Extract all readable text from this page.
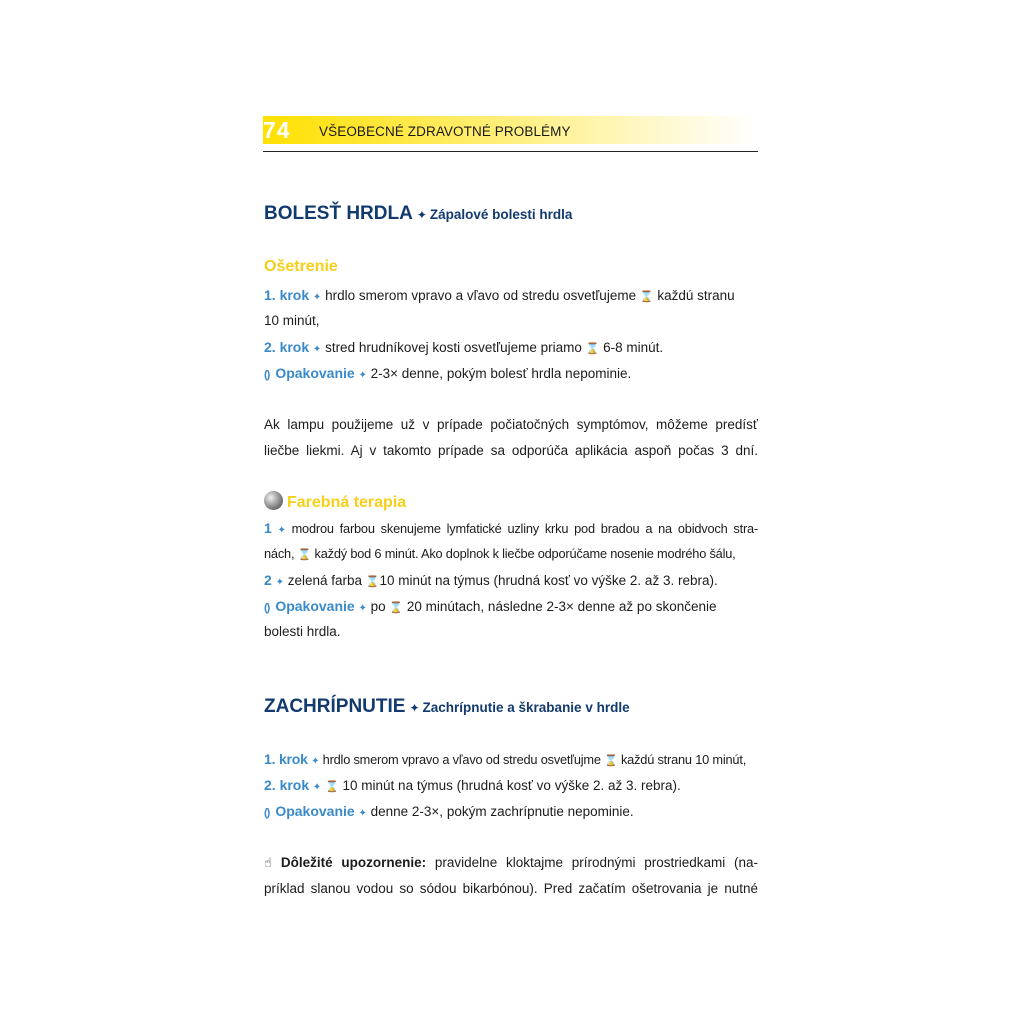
74 VŠEOBECNÉ ZDRAVOTNÉ PROBLÉMY
BOLESŤ HRDLA ✦ Zápalové bolesti hrdla
Ošetrenie
1. krok ✦ hrdlo smerom vpravo a vľavo od stredu osvetľujeme ⌛ každú stranu
10 minút,
2. krok ✦ stred hrudníkovej kosti osvetľujeme priamo ⌛ 6-8 minút.
() Opakovanie ✦ 2-3× denne, pokým bolesť hrdla nepominie.
Ak lampu použijeme už v prípade počiatočných symptómov, môžeme predísť
liečbe liekmi. Aj v takomto prípade sa odporúča aplikácia aspoň počas 3 dní.
Farebná terapia
1 ✦ modrou farbou skenujeme lymfatické uzliny krku pod bradou a na obidvoch stra-
nách, ⌛ každý bod 6 minút. Ako doplnok k liečbe odporúčame nosenie modrého šálu,
2 ✦ zelená farba ⌛10 minút na týmus (hrudná kosť vo výške 2. až 3. rebra).
() Opakovanie ✦ po ⌛ 20 minútach, následne 2-3× denne až po skončenie
bolesti hrdla.
ZACHRÍPNUTIE ✦ Zachrípnutie a škrabanie v hrdle
1. krok ✦ hrdlo smerom vpravo a vľavo od stredu osvetľujme ⌛ každú stranu 10 minút,
2. krok ✦ ⌛ 10 minút na týmus (hrudná kosť vo výške 2. až 3. rebra).
() Opakovanie ✦ denne 2-3×, pokým zachrípnutie nepominie.
☝ Dôležité upozornenie: pravidelne kloktajme prírodnými prostriedkami (na-
príklad slanou vodou so sódou bikarbónou). Pred začatím ošetrovania je nutné
